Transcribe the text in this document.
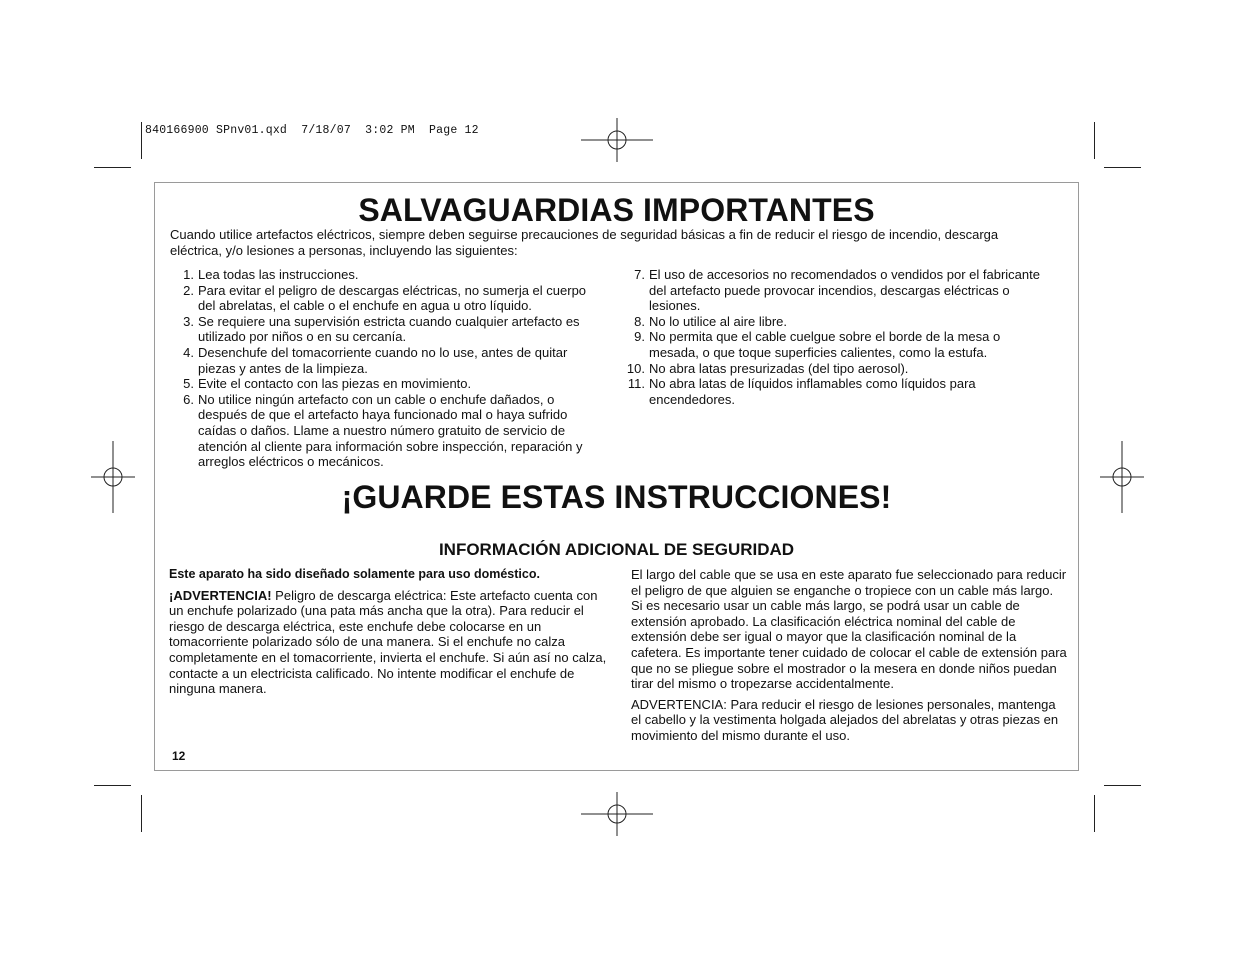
840166900 SPnv01.qxd  7/18/07  3:02 PM  Page 12
SALVAGUARDIAS IMPORTANTES
Cuando utilice artefactos eléctricos, siempre deben seguirse precauciones de seguridad básicas a fin de reducir el riesgo de incendio, descarga eléctrica, y/o lesiones a personas, incluyendo las siguientes:
1. Lea todas las instrucciones.
2. Para evitar el peligro de descargas eléctricas, no sumerja el cuerpo del abrelatas, el cable o el enchufe en agua u otro líquido.
3. Se requiere una supervisión estricta cuando cualquier artefacto es utilizado por niños o en su cercanía.
4. Desenchufe del tomacorriente cuando no lo use, antes de quitar piezas y antes de la limpieza.
5. Evite el contacto con las piezas en movimiento.
6. No utilice ningún artefacto con un cable o enchufe dañados, o después de que el artefacto haya funcionado mal o haya sufrido caídas o daños. Llame a nuestro número gratuito de servicio de atención al cliente para información sobre inspección, reparación y arreglos eléctricos o mecánicos.
7. El uso de accesorios no recomendados o vendidos por el fabricante del artefacto puede provocar incendios, descargas eléctricas o lesiones.
8. No lo utilice al aire libre.
9. No permita que el cable cuelgue sobre el borde de la mesa o mesada, o que toque superficies calientes, como la estufa.
10. No abra latas presurizadas (del tipo aerosol).
11. No abra latas de líquidos inflamables como líquidos para encendedores.
¡GUARDE ESTAS INSTRUCCIONES!
INFORMACIÓN ADICIONAL DE SEGURIDAD

Este aparato ha sido diseñado solamente para uso doméstico.

¡ADVERTENCIA! Peligro de descarga eléctrica: Este artefacto cuenta con un enchufe polarizado (una pata más ancha que la otra). Para reducir el riesgo de descarga eléctrica, este enchufe debe colocarse en un tomacorriente polarizado sólo de una manera. Si el enchufe no calza completamente en el tomacorriente, invierta el enchufe. Si aún así no calza, contacte a un electricista calificado. No intente modificar el enchufe de ninguna manera.

El largo del cable que se usa en este aparato fue seleccionado para reducir el peligro de que alguien se enganche o tropiece con un cable más largo. Si es necesario usar un cable más largo, se podrá usar un cable de extensión aprobado. La clasificación eléctrica nominal del cable de extensión debe ser igual o mayor que la clasificación nominal de la cafetera. Es importante tener cuidado de colocar el cable de extensión para que no se pliegue sobre el mostrador o la mesera en donde niños puedan tirar del mismo o tropezarse accidentalmente.

ADVERTENCIA: Para reducir el riesgo de lesiones personales, mantenga el cabello y la vestimenta holgada alejados del abrelatas y otras piezas en movimiento del mismo durante el uso.

12
